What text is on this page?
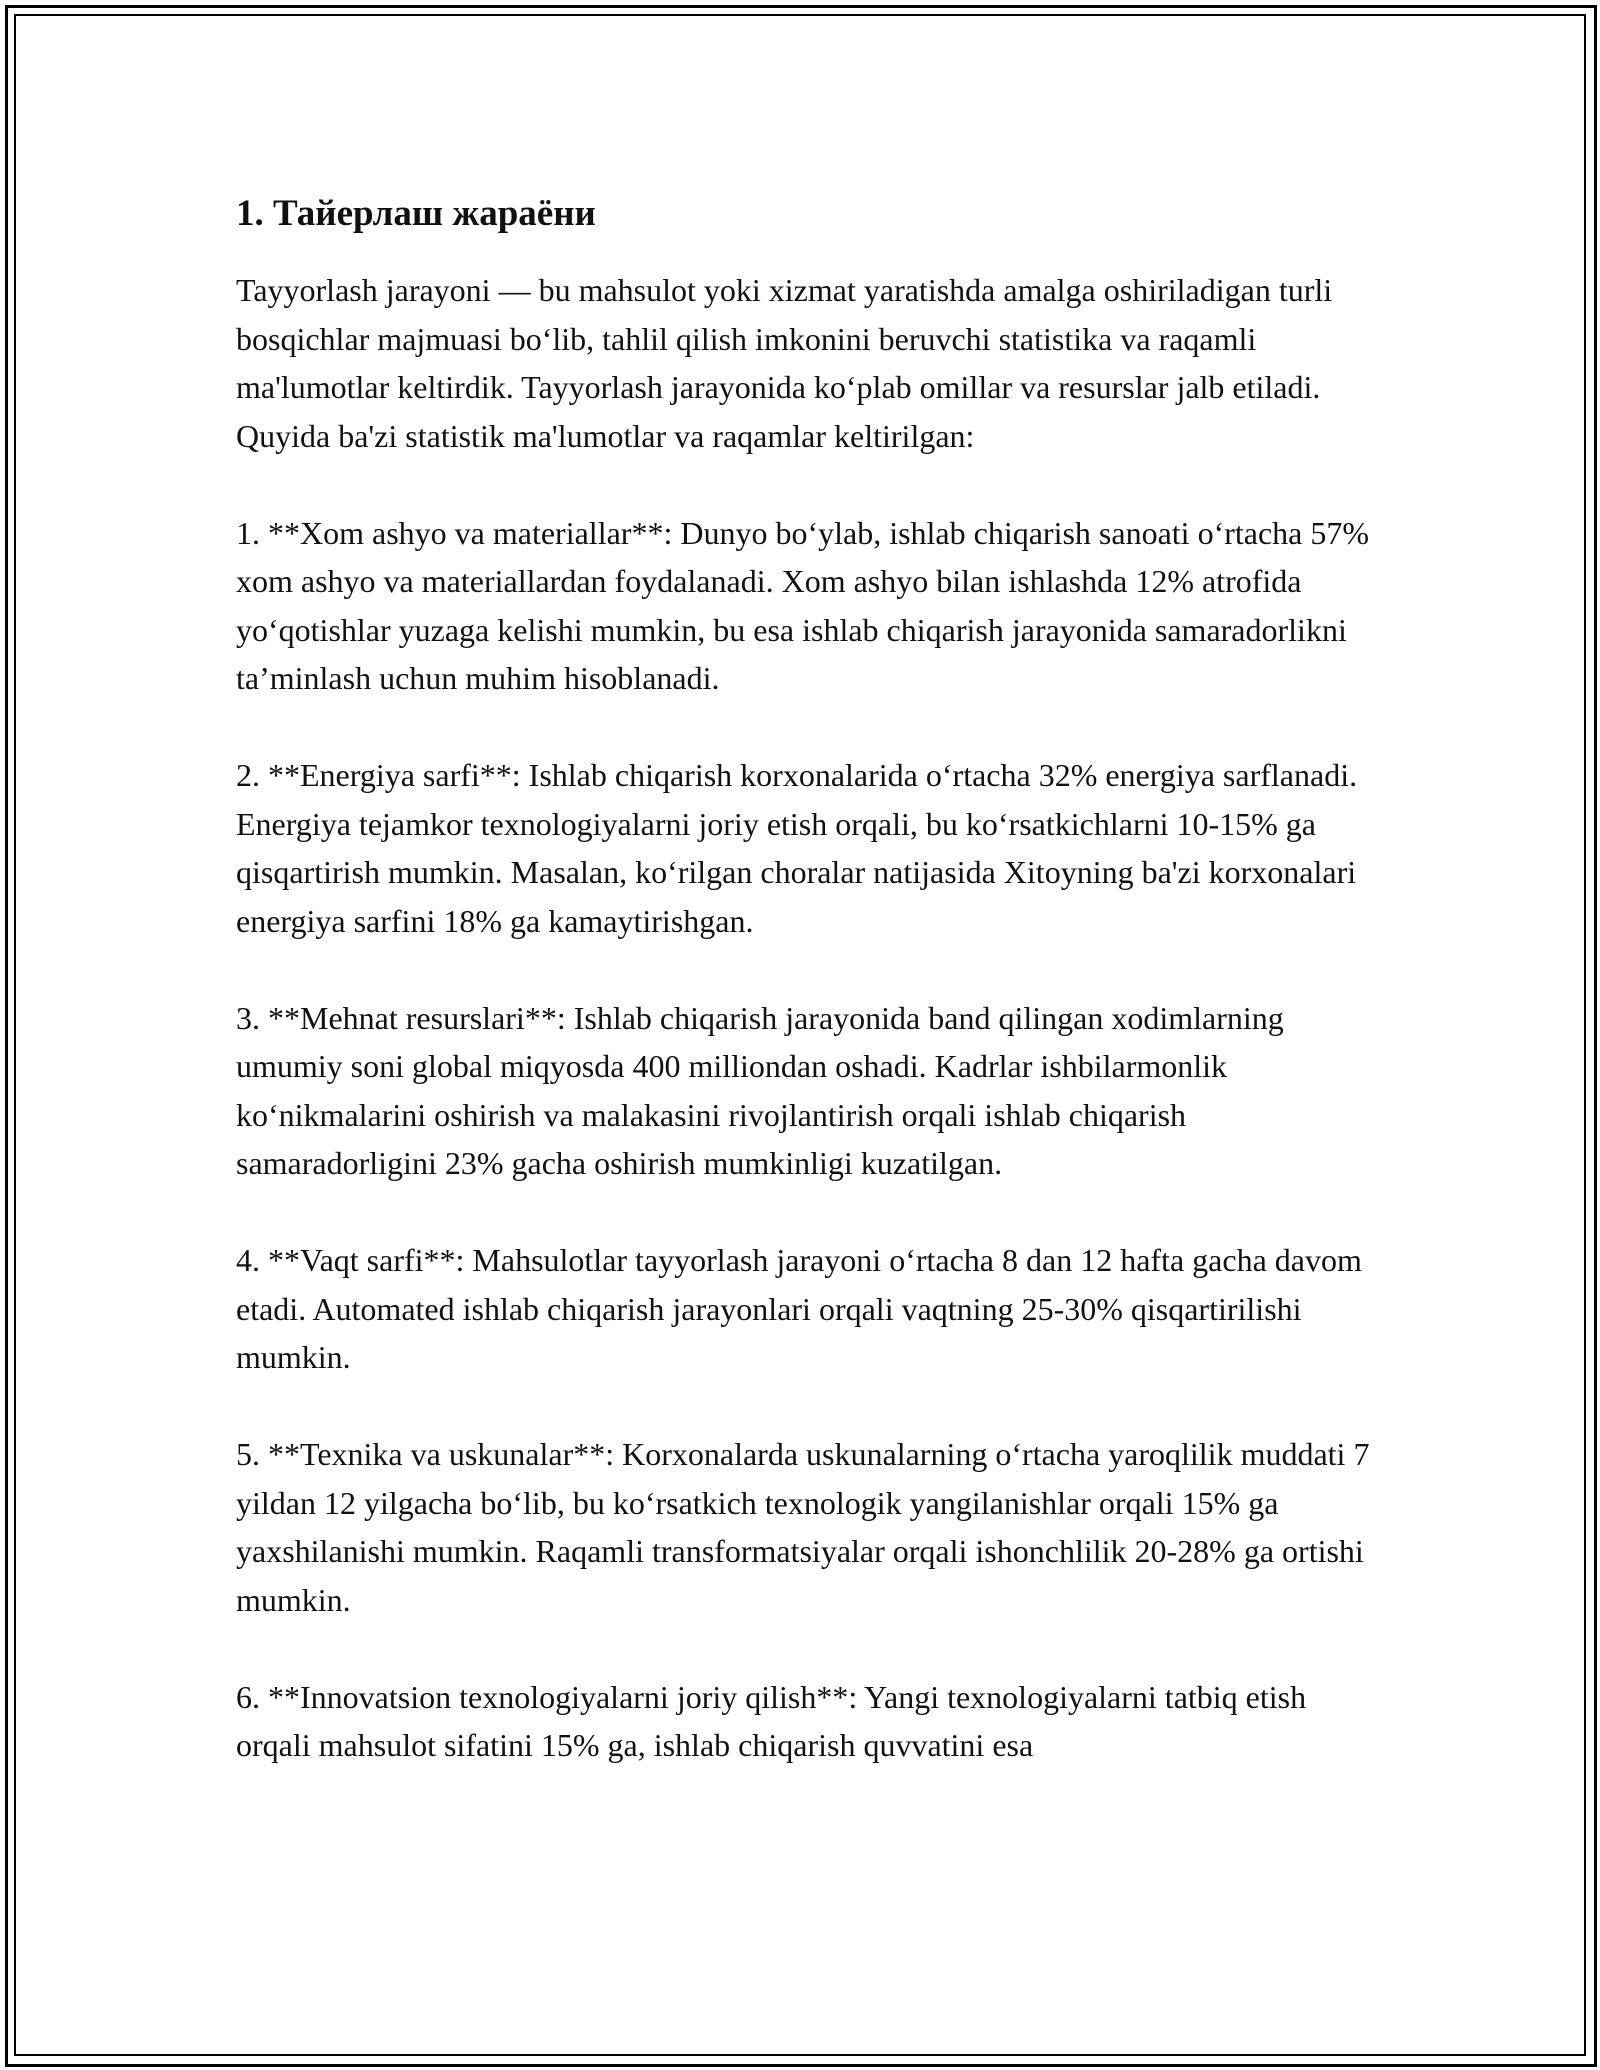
1. Тайерлаш жараёни

Tayyorlash jarayoni — bu mahsulot yoki xizmat yaratishda amalga oshiriladigan turli bosqichlar majmuasi bo‘lib, tahlil qilish imkonini beruvchi statistika va raqamli ma'lumotlar keltirdik. Tayyorlash jarayonida ko‘plab omillar va resurslar jalb etiladi. Quyida ba'zi statistik ma'lumotlar va raqamlar keltirilgan:

1. **Xom ashyo va materiallar**: Dunyo bo‘ylab, ishlab chiqarish sanoati o‘rtacha 57% xom ashyo va materiallardan foydalanadi. Xom ashyo bilan ishlashda 12% atrofida yo‘qotishlar yuzaga kelishi mumkin, bu esa ishlab chiqarish jarayonida samaradorlikni ta’minlash uchun muhim hisoblanadi.

2. **Energiya sarfi**: Ishlab chiqarish korxonalarida o‘rtacha 32% energiya sarflanadi. Energiya tejamkor texnologiyalarni joriy etish orqali, bu ko‘rsatkichlarni 10-15% ga qisqartirish mumkin. Masalan, ko‘rilgan choralar natijasida Xitoyning ba'zi korxonalari energiya sarfini 18% ga kamaytirishgan.

3. **Mehnat resurslari**: Ishlab chiqarish jarayonida band qilingan xodimlarning umumiy soni global miqyosda 400 milliondan oshadi. Kadrlar ishbilarmonlik ko‘nikmalarini oshirish va malakasini rivojlantirish orqali ishlab chiqarish samaradorligini 23% gacha oshirish mumkinligi kuzatilgan.

4. **Vaqt sarfi**: Mahsulotlar tayyorlash jarayoni o‘rtacha 8 dan 12 hafta gacha davom etadi. Automated ishlab chiqarish jarayonlari orqali vaqtning 25-30% qisqartirilishi mumkin.

5. **Texnika va uskunalar**: Korxonalarda uskunalarning o‘rtacha yaroqlilik muddati 7 yildan 12 yilgacha bo‘lib, bu ko‘rsatkich texnologik yangilanishlar orqali 15% ga yaxshilanishi mumkin. Raqamli transformatsiyalar orqali ishonchlilik 20-28% ga ortishi mumkin.

6. **Innovatsion texnologiyalarni joriy qilish**: Yangi texnologiyalarni tatbiq etish orqali mahsulot sifatini 15% ga, ishlab chiqarish quvvatini esa
